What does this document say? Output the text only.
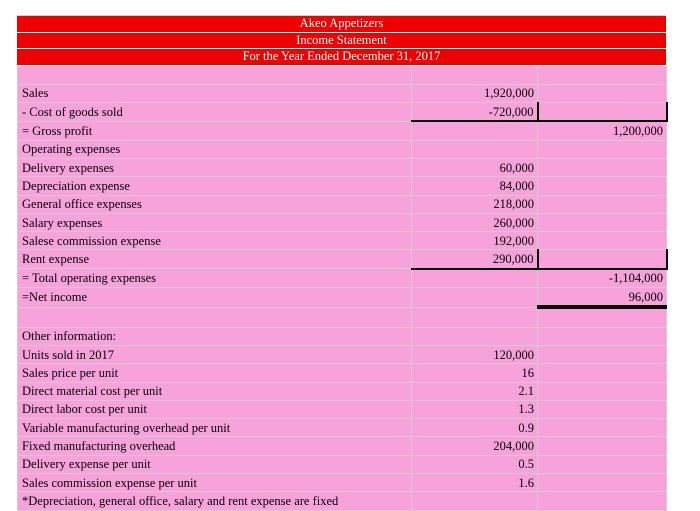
Akeo Appetizers
Income Statement
For the Year Ended December 31, 2017

Sales	1,920,000	
- Cost of goods sold	-720,000	
= Gross profit		1,200,000
Operating expenses		
Delivery expenses	60,000	
Depreciation expense	84,000	
General office expenses	218,000	
Salary expenses	260,000	
Salese commission expense	192,000	
Rent expense	290,000	
= Total operating expenses		-1,104,000
=Net income		96,000

Other information:		
Units sold in 2017	120,000	
Sales price per unit	16	
Direct material cost per unit	2.1	
Direct labor cost per unit	1.3	
Variable manufacturing overhead per unit	0.9	
Fixed manufacturing overhead	204,000	
Delivery expense per unit	0.5	
Sales commission expense per unit	1.6	
*Depreciation, general office, salary and rent expense are fixed		
